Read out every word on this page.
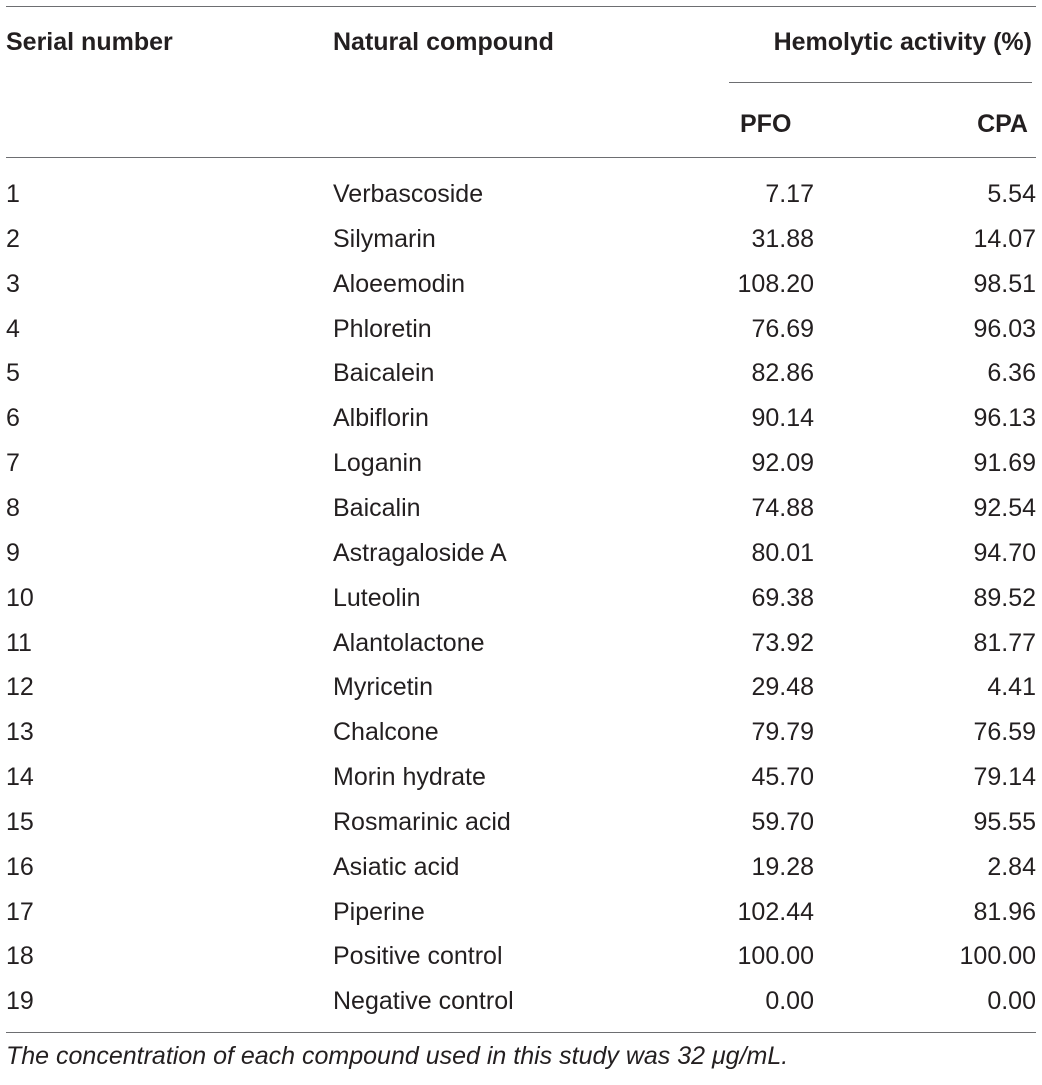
Serial number	Natural compound	Hemolytic activity (%)
PFO	CPA
1	Verbascoside	7.17	5.54
2	Silymarin	31.88	14.07
3	Aloeemodin	108.20	98.51
4	Phloretin	76.69	96.03
5	Baicalein	82.86	6.36
6	Albiflorin	90.14	96.13
7	Loganin	92.09	91.69
8	Baicalin	74.88	92.54
9	Astragaloside A	80.01	94.70
10	Luteolin	69.38	89.52
11	Alantolactone	73.92	81.77
12	Myricetin	29.48	4.41
13	Chalcone	79.79	76.59
14	Morin hydrate	45.70	79.14
15	Rosmarinic acid	59.70	95.55
16	Asiatic acid	19.28	2.84
17	Piperine	102.44	81.96
18	Positive control	100.00	100.00
19	Negative control	0.00	0.00
The concentration of each compound used in this study was 32 μg/mL.
